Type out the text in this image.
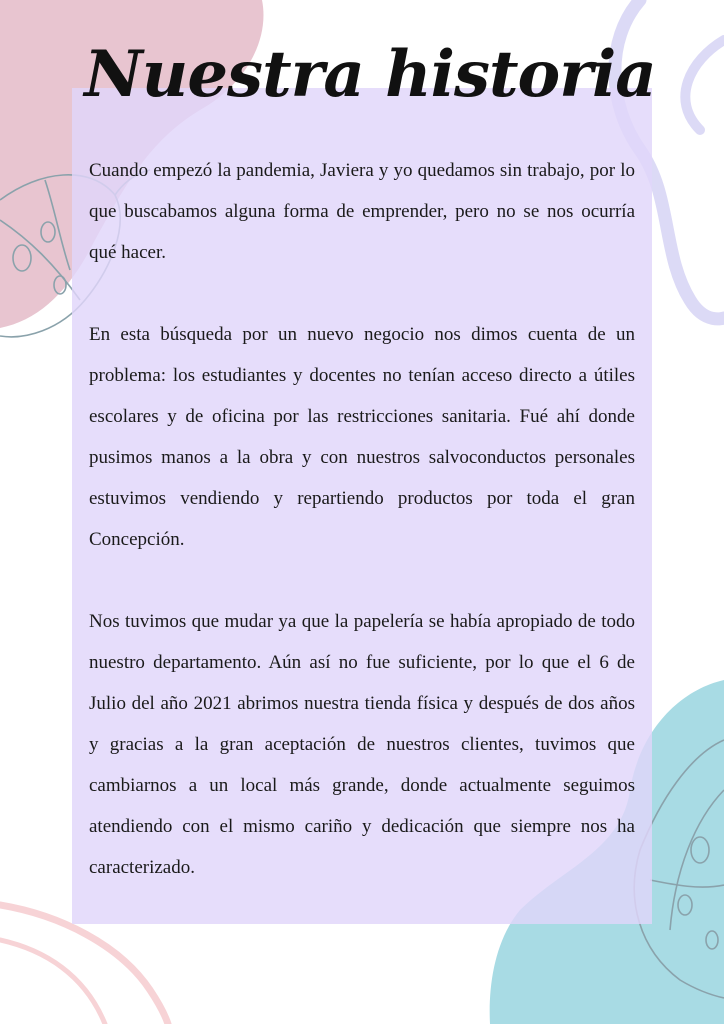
Nuestra historia

Cuando empezó la pandemia, Javiera y yo quedamos sin trabajo, por lo que buscabamos alguna forma de emprender, pero no se nos ocurría qué hacer.

En esta búsqueda por un nuevo negocio nos dimos cuenta de un problema: los estudiantes y docentes no tenían acceso directo a útiles escolares y de oficina por las restricciones sanitaria. Fué ahí donde pusimos manos a la obra y con nuestros salvoconductos personales estuvimos vendiendo y repartiendo productos por toda el gran Concepción.

Nos tuvimos que mudar ya que la papelería se había apropiado de todo nuestro departamento. Aún así no fue suficiente, por lo que el 6 de Julio del año 2021 abrimos nuestra tienda física y después de dos años y gracias a la gran aceptación de nuestros clientes, tuvimos que cambiarnos a un local más grande, donde actualmente seguimos atendiendo con el mismo cariño y dedicación que siempre nos ha caracterizado.
